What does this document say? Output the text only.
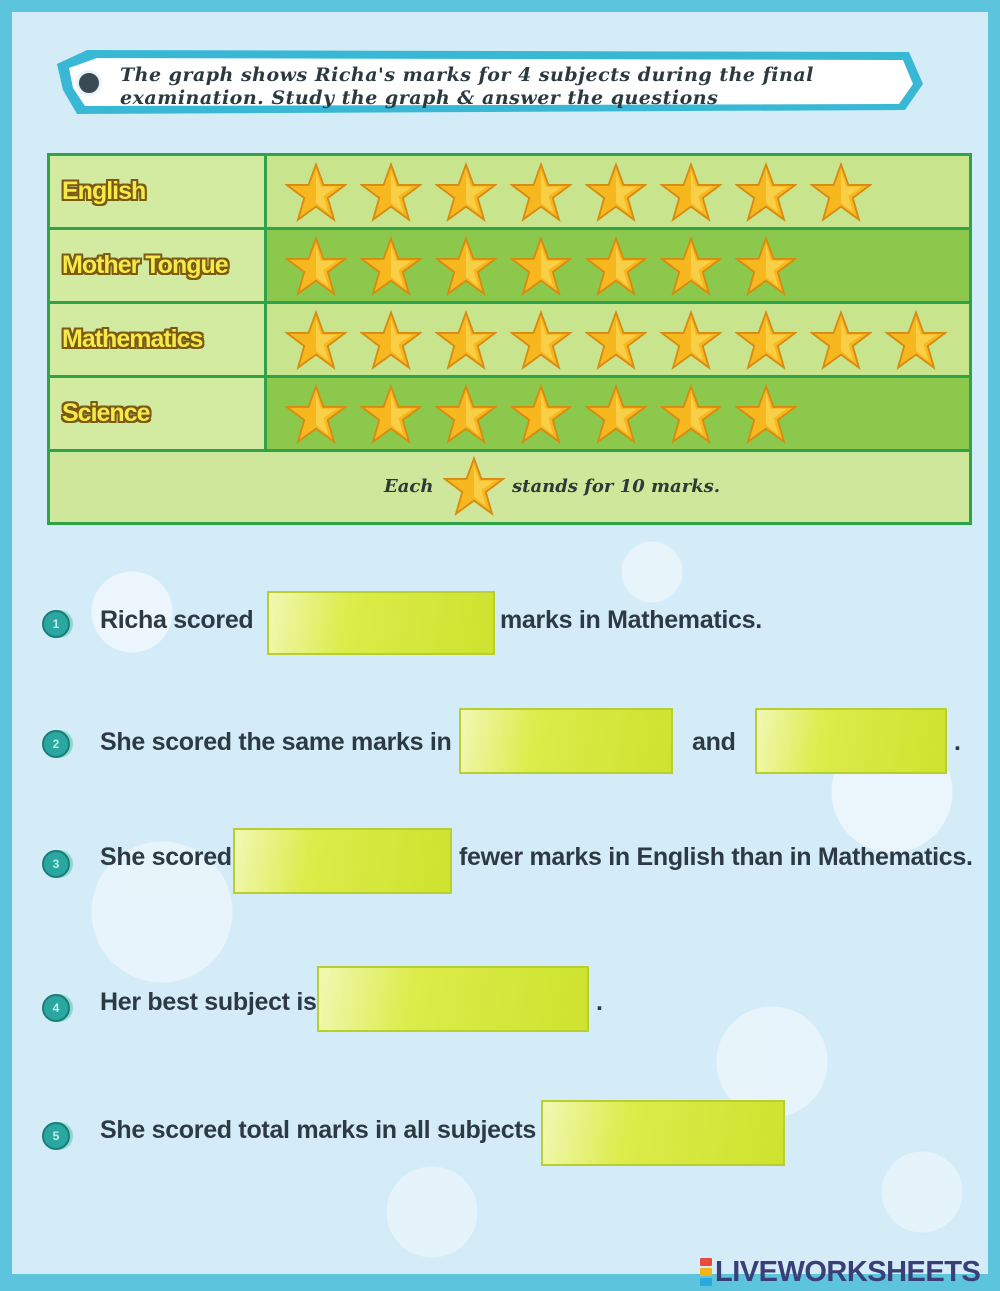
The graph shows Richa's marks for 4 subjects during the final
examination. Study the graph & answer the questions
Each	stands for 10 marks.
English
Mother Tongue
Mathematics
Science
1	Richa scored	marks in Mathematics.
2	She scored the same marks in	and	.
3	She scored	fewer marks in English than in Mathematics.
4	Her best subject is	.
5	She scored total marks in all subjects
LIVEWORKSHEETS
